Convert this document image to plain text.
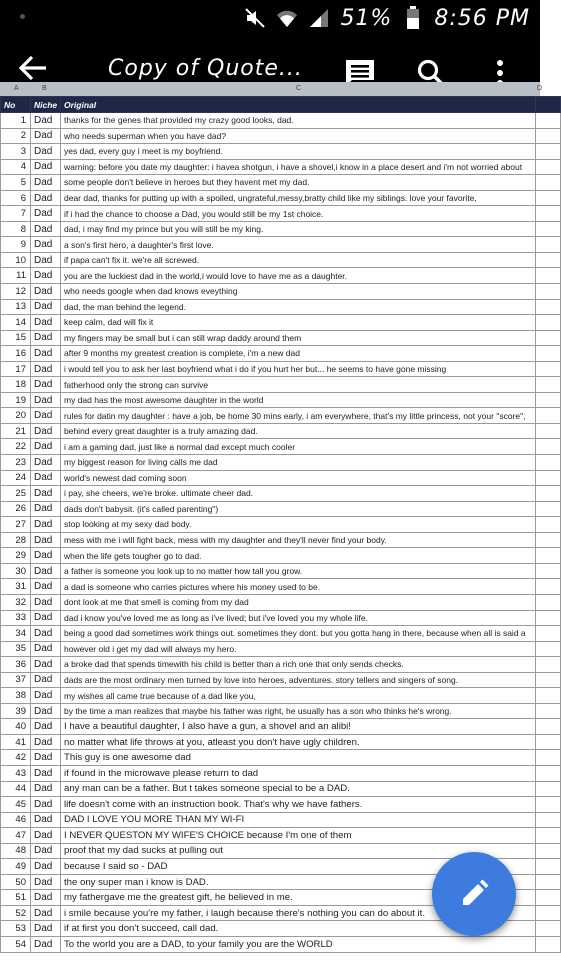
51% 8:56 PM
Copy of Quote...
A	B	C	D
No	Niche	Original	
1	Dad	thanks for the genes that provided my crazy good looks, dad.	
2	Dad	who needs superman when you have dad?	
3	Dad	yes dad, every guy i meet is my boyfriend.	
4	Dad	warning: before you date my daughter: i havea shotgun, i have a shovel,i know in a place desert and i'm not worried about	
5	Dad	some people don't believe in heroes but they havent met my dad.	
6	Dad	dear dad, thanks for putting up with a spoiled, ungrateful,messy,bratty child like my siblings. love your favorite,	
7	Dad	if i had the chance to choose a Dad, you would still be my 1st choice.	
8	Dad	dad, i may find my prince but you will still be my king.	
9	Dad	a son's first hero, a daughter's first love.	
10	Dad	if papa can't fix it. we're all screwed.	
11	Dad	you are the luckiest dad in the world,i would love to have me as a daughter.	
12	Dad	who needs google when dad knows eveything	
13	Dad	dad, the man behind the legend.	
14	Dad	keep calm, dad will fix it	
15	Dad	my fingers may be small but i can still wrap daddy around them	
16	Dad	after 9 months my greatest creation is complete, i'm a new dad	
17	Dad	i would tell you to ask her last boyfriend what i do if you hurt her but... he seems to have gone missing	
18	Dad	fatherhood only the strong can survive	
19	Dad	my dad has the most awesome daughter in the world	
20	Dad	rules for datin my daughter : have a job, be home 30 mins early, i am everywhere, that's my little princess, not your "score",	
21	Dad	behind every great daughter is a truly amazing dad.	
22	Dad	i am a gaming dad, just like a normal dad except much cooler	
23	Dad	my biggest reason for living calls me dad	
24	Dad	world's newest dad coming soon	
25	Dad	i pay, she cheers, we're broke. ultimate cheer dad.	
26	Dad	dads don't babysit. (it's called parenting")	
27	Dad	stop looking at my sexy dad body.	
28	Dad	mess with me i will fight back, mess with my daughter and they'll never find your body.	
29	Dad	when the life gets tougher go to dad.	
30	Dad	a father is someone you look up to no matter how tall you grow.	
31	Dad	a dad is someone who carries pictures where his money used to be.	
32	Dad	dont look at me that smell is coming from my dad	
33	Dad	dad i know you've loved me as long as i've lived; but i've loved you my whole life.	
34	Dad	being a good dad sometimes work things out. sometimes they dont. but you gotta hang in there, because when all is said a	
35	Dad	however old i get my dad will always my hero.	
36	Dad	a broke dad that spends timewith his child is better than a rich one that only sends checks.	
37	Dad	dads are the most ordinary men turned by love into heroes, adventures. story tellers and singers of song.	
38	Dad	my wishes all came true because of a dad like you,	
39	Dad	by the time a man realizes that maybe his father was right, he usually has a son who thinks he's wrong.	
40	Dad	I have a beautiful daughter, I also have a gun, a shovel and an alibi!	
41	Dad	no matter what life throws at you, atleast you don't have ugly children.	
42	Dad	This guy is one awesome dad	
43	Dad	if found in the microwave please return to dad	
44	Dad	any man can be a father. But t takes someone special to be a DAD.	
45	Dad	life doesn't come with an instruction book. That's why we have fathers.	
46	Dad	DAD I LOVE YOU MORE THAN MY WI-FI	
47	Dad	I NEVER QUESTON MY WIFE'S CHOICE because I'm one of them	
48	Dad	proof that my dad sucks at pulling out	
49	Dad	because I said so - DAD	
50	Dad	the ony super man i know is DAD.	
51	Dad	my fathergave me the greatest gift, he believed in me.	
52	Dad	i smile because you're my father, i laugh because there's nothing you can do about it.	
53	Dad	if at first you don't succeed, call dad.	
54	Dad	To the world you are a DAD, to your family you are the WORLD	
